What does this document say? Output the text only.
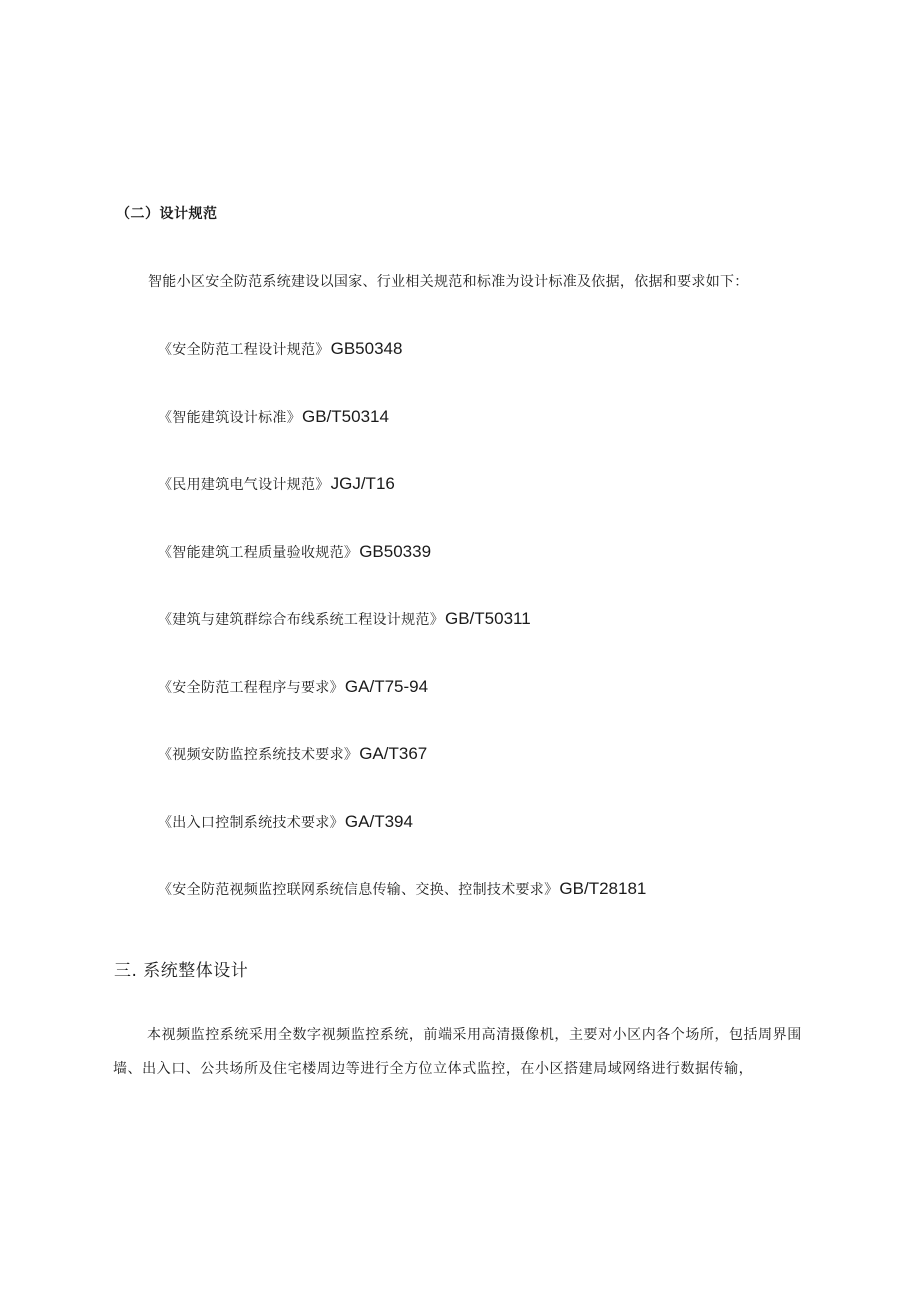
（二）设计规范
智能小区安全防范系统建设以国家、行业相关规范和标准为设计标准及依据，依据和要求如下：
《安全防范工程设计规范》GB50348
《智能建筑设计标准》GB/T50314
《民用建筑电气设计规范》JGJ/T16
《智能建筑工程质量验收规范》GB50339
《建筑与建筑群综合布线系统工程设计规范》GB/T50311
《安全防范工程程序与要求》GA/T75-94
《视频安防监控系统技术要求》GA/T367
《出入口控制系统技术要求》GA/T394
《安全防范视频监控联网系统信息传输、交换、控制技术要求》GB/T28181
三. 系统整体设计

本视频监控系统采用全数字视频监控系统，前端采用高清摄像机，主要对小区内各个场所，包括周界围墙、出入口、公共场所及住宅楼周边等进行全方位立体式监控，在小区搭建局域网络进行数据传输，
